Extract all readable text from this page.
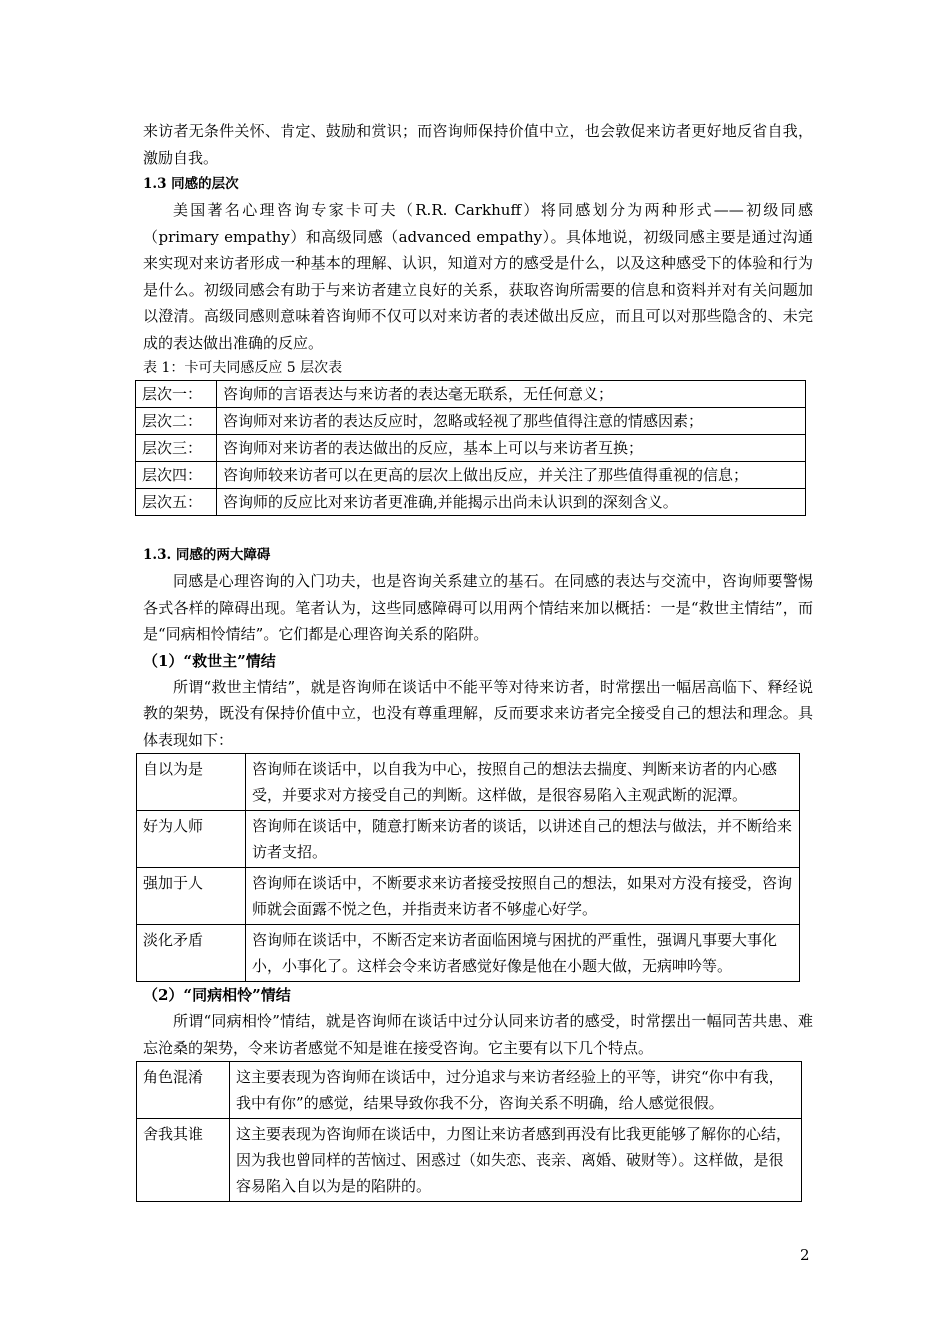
来访者无条件关怀、肯定、鼓励和赏识；而咨询师保持价值中立，也会敦促来访者更好地反省自我，激励自我。

1.3 同感的层次

美国著名心理咨询专家卡可夫（R.R. Carkhuff）将同感划分为两种形式——初级同感（primary empathy）和高级同感（advanced empathy）。具体地说，初级同感主要是通过沟通来实现对来访者形成一种基本的理解、认识，知道对方的感受是什么，以及这种感受下的体验和行为是什么。初级同感会有助于与来访者建立良好的关系，获取咨询所需要的信息和资料并对有关问题加以澄清。高级同感则意味着咨询师不仅可以对来访者的表述做出反应，而且可以对那些隐含的、未完成的表达做出准确的反应。

表 1：卡可夫同感反应 5 层次表

层次一：	咨询师的言语表达与来访者的表达毫无联系，无任何意义；
层次二：	咨询师对来访者的表达反应时，忽略或轻视了那些值得注意的情感因素；
层次三：	咨询师对来访者的表达做出的反应，基本上可以与来访者互换；
层次四：	咨询师较来访者可以在更高的层次上做出反应，并关注了那些值得重视的信息；
层次五：	咨询师的反应比对来访者更准确,并能揭示出尚未认识到的深刻含义。

1.3. 同感的两大障碍

同感是心理咨询的入门功夫，也是咨询关系建立的基石。在同感的表达与交流中，咨询师要警惕各式各样的障碍出现。笔者认为，这些同感障碍可以用两个情结来加以概括：一是“救世主情结”，而是“同病相怜情结”。它们都是心理咨询关系的陷阱。

（1）“救世主”情结

所谓“救世主情结”，就是咨询师在谈话中不能平等对待来访者，时常摆出一幅居高临下、释经说教的架势，既没有保持价值中立，也没有尊重理解，反而要求来访者完全接受自己的想法和理念。具体表现如下：

自以为是	咨询师在谈话中，以自我为中心，按照自己的想法去揣度、判断来访者的内心感受，并要求对方接受自己的判断。这样做，是很容易陷入主观武断的泥潭。
好为人师	咨询师在谈话中，随意打断来访者的谈话，以讲述自己的想法与做法，并不断给来访者支招。
强加于人	咨询师在谈话中，不断要求来访者接受按照自己的想法，如果对方没有接受，咨询师就会面露不悦之色，并指责来访者不够虚心好学。
淡化矛盾	咨询师在谈话中，不断否定来访者面临困境与困扰的严重性，强调凡事要大事化小，小事化了。这样会令来访者感觉好像是他在小题大做，无病呻吟等。

（2）“同病相怜”情结

所谓“同病相怜”情结，就是咨询师在谈话中过分认同来访者的感受，时常摆出一幅同苦共患、难忘沧桑的架势，令来访者感觉不知是谁在接受咨询。它主要有以下几个特点。

角色混淆	这主要表现为咨询师在谈话中，过分追求与来访者经验上的平等，讲究“你中有我，我中有你”的感觉，结果导致你我不分，咨询关系不明确，给人感觉很假。
舍我其谁	这主要表现为咨询师在谈话中，力图让来访者感到再没有比我更能够了解你的心结，因为我也曾同样的苦恼过、困惑过（如失恋、丧亲、离婚、破财等）。这样做，是很容易陷入自以为是的陷阱的。
2
